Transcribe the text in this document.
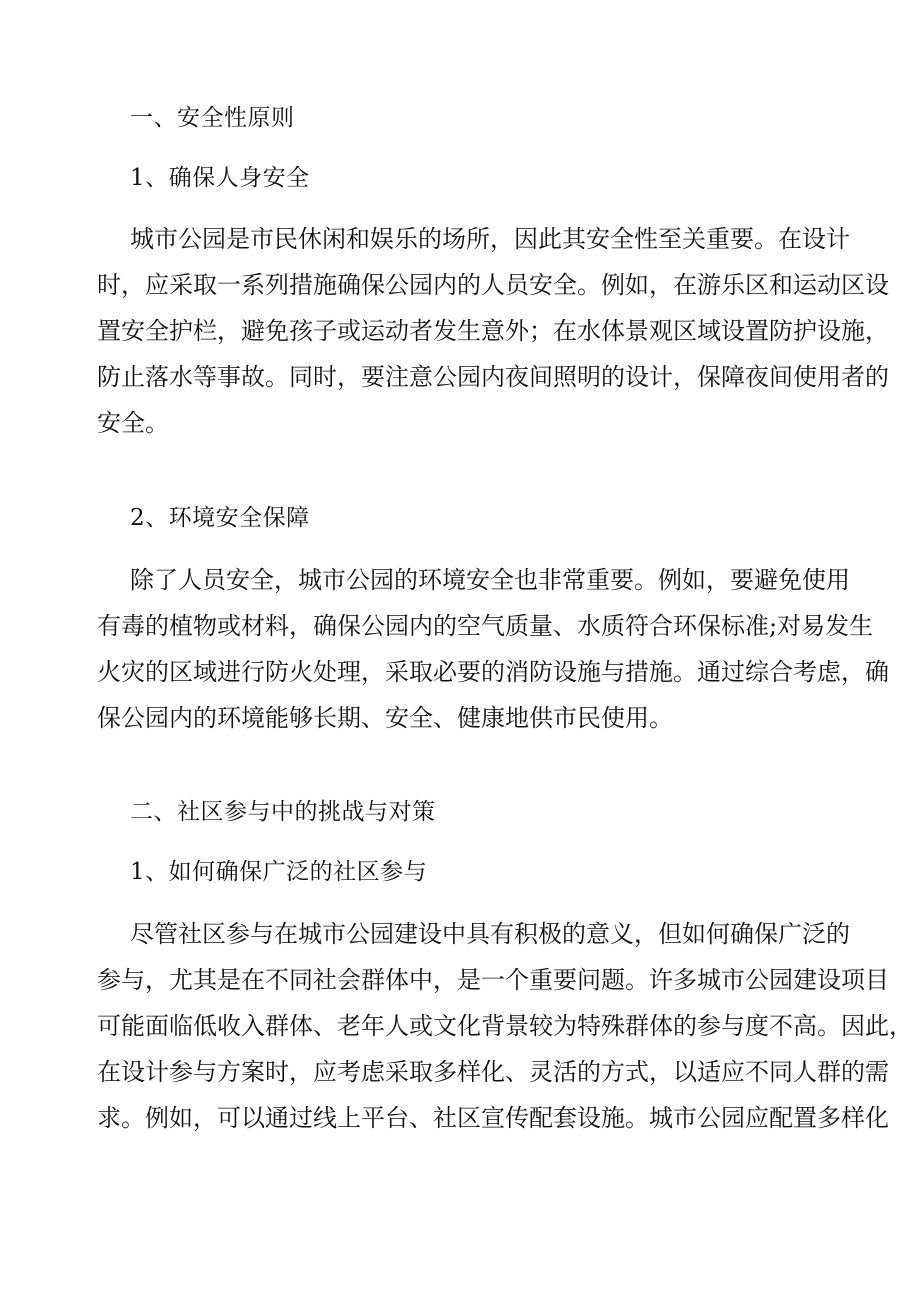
一、安全性原则
1、确保人身安全
城市公园是市民休闲和娱乐的场所，因此其安全性至关重要。在设计
时，应采取一系列措施确保公园内的人员安全。例如，在游乐区和运动区设
置安全护栏，避免孩子或运动者发生意外；在水体景观区域设置防护设施，
防止落水等事故。同时，要注意公园内夜间照明的设计，保障夜间使用者的
安全。
2、环境安全保障
除了人员安全，城市公园的环境安全也非常重要。例如，要避免使用
有毒的植物或材料，确保公园内的空气质量、水质符合环保标准;对易发生
火灾的区域进行防火处理，采取必要的消防设施与措施。通过综合考虑，确
保公园内的环境能够长期、安全、健康地供市民使用。
二、社区参与中的挑战与对策
1、如何确保广泛的社区参与
尽管社区参与在城市公园建设中具有积极的意义，但如何确保广泛的
参与，尤其是在不同社会群体中，是一个重要问题。许多城市公园建设项目
可能面临低收入群体、老年人或文化背景较为特殊群体的参与度不高。因此，
在设计参与方案时，应考虑采取多样化、灵活的方式，以适应不同人群的需
求。例如，可以通过线上平台、社区宣传配套设施。城市公园应配置多样化
